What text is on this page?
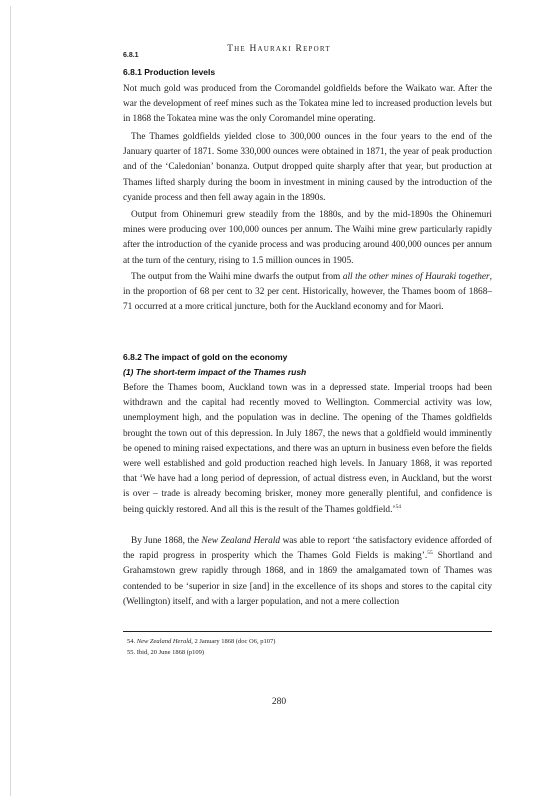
6.8.1
The Hauraki Report
6.8.1 Production levels

Not much gold was produced from the Coromandel goldfields before the Waikato war. After the war the development of reef mines such as the Tokatea mine led to increased production levels but in 1868 the Tokatea mine was the only Coromandel mine operating.

The Thames goldfields yielded close to 300,000 ounces in the four years to the end of the January quarter of 1871. Some 330,000 ounces were obtained in 1871, the year of peak production and of the ‘Caledonian’ bonanza. Output dropped quite sharply after that year, but production at Thames lifted sharply during the boom in investment in mining caused by the introduction of the cyanide process and then fell away again in the 1890s.

Output from Ohinemuri grew steadily from the 1880s, and by the mid-1890s the Ohinemuri mines were producing over 100,000 ounces per annum. The Waihi mine grew particularly rapidly after the introduction of the cyanide process and was producing around 400,000 ounces per annum at the turn of the century, rising to 1.5 million ounces in 1905.

The output from the Waihi mine dwarfs the output from all the other mines of Hauraki together, in the proportion of 68 per cent to 32 per cent. Historically, however, the Thames boom of 1868–71 occurred at a more critical juncture, both for the Auckland economy and for Maori.

6.8.2 The impact of gold on the economy
(1) The short-term impact of the Thames rush

Before the Thames boom, Auckland town was in a depressed state. Imperial troops had been withdrawn and the capital had recently moved to Wellington. Commercial activity was low, unemployment high, and the population was in decline. The opening of the Thames goldfields brought the town out of this depression. In July 1867, the news that a goldfield would imminently be opened to mining raised expectations, and there was an upturn in business even before the fields were well established and gold production reached high levels. In January 1868, it was reported that ‘We have had a long period of depression, of actual distress even, in Auckland, but the worst is over – trade is already becoming brisker, money more generally plentiful, and confidence is being quickly restored. And all this is the result of the Thames goldfield.’$^{54}$

By June 1868, the New Zealand Herald was able to report ‘the satisfactory evidence afforded of the rapid progress in prosperity which the Thames Gold Fields is making’.$^{55}$ Shortland and Grahamstown grew rapidly through 1868, and in 1869 the amalgamated town of Thames was contended to be ‘superior in size [and] in the excellence of its shops and stores to the capital city (Wellington) itself, and with a larger population, and not a mere collection

54. New Zealand Herald, 2 January 1868 (doc O6, p107)
55. Ibid, 20 June 1868 (p109)
280
